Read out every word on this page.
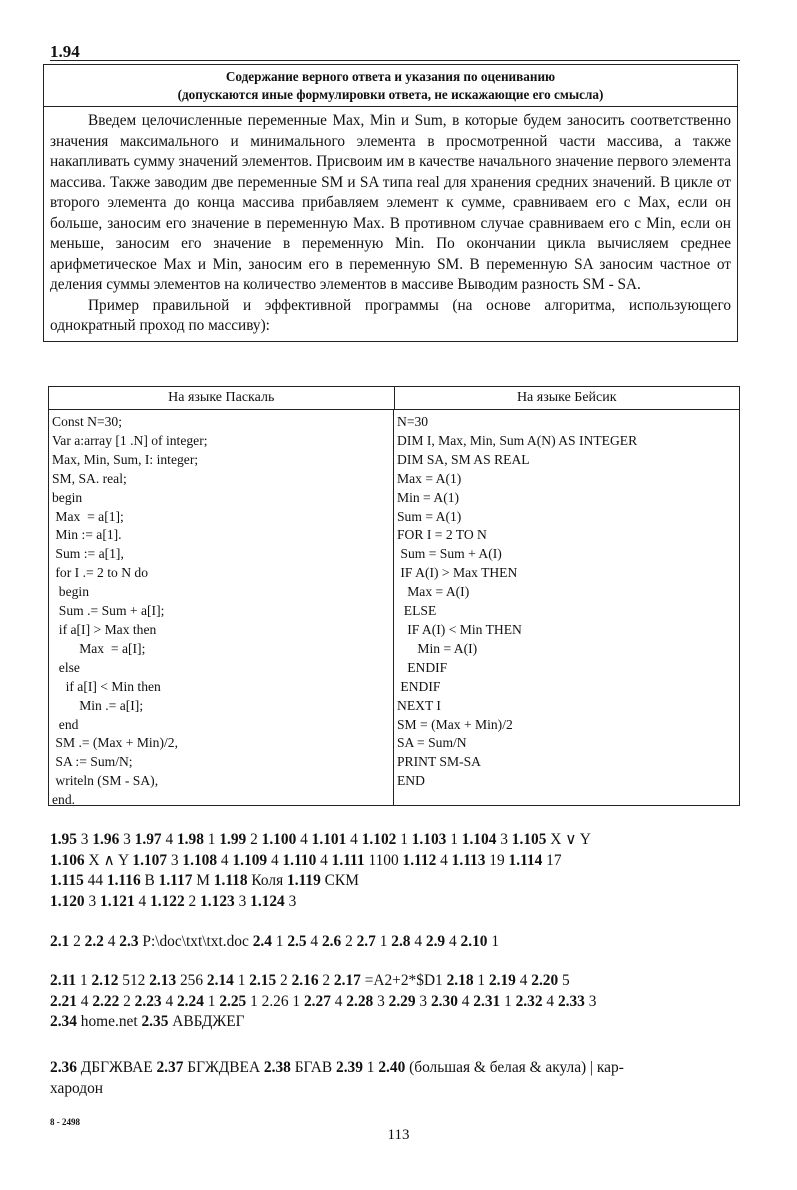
1.94
Содержание верного ответа и указания по оцениванию
(допускаются иные формулировки ответа, не искажающие его смысла)

Введем целочисленные переменные Max, Min и Sum, в которые будем заносить соответственно значения максимального и минимального элемента в просмотренной части массива, а также накапливать сумму значений элементов. Присвоим им в качестве начального значение первого элемента массива. Также заводим две переменные SM и SA типа real для хранения средних значений. В цикле от второго элемента до конца массива прибавляем элемент к сумме, сравниваем его с Max, если он больше, заносим его значение в переменную Max. В противном случае сравниваем его с Min, если он меньше, заносим его значение в переменную Min. По окончании цикла вычисляем среднее арифметическое Max и Min, заносим его в переменную SM. В переменную SA заносим частное от деления суммы элементов на количество элементов в массиве Выводим разность SM - SA.

Пример правильной и эффективной программы (на основе алгоритма, использующего однократный проход по массиву):

На языке Паскаль	На языке Бейсик
Const N=30;
Var a:array [1 .N] of integer;
Max, Min, Sum, I: integer;
SM, SA. real;
begin
Max  = a[1];
Min := a[1].
Sum := a[1],
for I .= 2 to N do
begin
Sum .= Sum + a[I];
if a[I] > Max then
Max  = a[I];
else
if a[I] < Min then
Min .= a[I];
end
SM .= (Max + Min)/2,
SA := Sum/N;
writeln (SM - SA),
end.
N=30
DIM I, Max, Min, Sum A(N) AS INTEGER
DIM SA, SM AS REAL
Max = A(1)
Min = A(1)
Sum = A(1)
FOR I = 2 TO N
Sum = Sum + A(I)
IF A(I) > Max THEN
Max = A(I)
ELSE
IF A(I) < Min THEN
Min = A(I)
ENDIF
ENDIF
NEXT I
SM = (Max + Min)/2
SA = Sum/N
PRINT SM-SA
END
1.95 3 1.96 3 1.97 4 1.98 1 1.99 2 1.100 4 1.101 4 1.102 1 1.103 1 1.104 3 1.105 X ∨ Y
1.106 X ∧ Y 1.107 3 1.108 4 1.109 4 1.110 4 1.111 1100 1.112 4 1.113 19 1.114 17
1.115 44 1.116 B 1.117 M 1.118 Коля 1.119 СКМ
1.120 3 1.121 4 1.122 2 1.123 3 1.124 3
2.1 2 2.2 4 2.3 P:\doc\txt\txt.doc 2.4 1 2.5 4 2.6 2 2.7 1 2.8 4 2.9 4 2.10 1
2.11 1 2.12 512 2.13 256 2.14 1 2.15 2 2.16 2 2.17 =A2+2*$D1 2.18 1 2.19 4 2.20 5
2.21 4 2.22 2 2.23 4 2.24 1 2.25 1 2.26 1 2.27 4 2.28 3 2.29 3 2.30 4 2.31 1 2.32 4 2.33 3
2.34 home.net 2.35 АВБДЖЕГ
2.36 ДБГЖВАЕ 2.37 БГЖДВЕА 2.38 БГАВ 2.39 1 2.40 (большая & белая & акула) | кар-
хародон
8 - 2498
113
